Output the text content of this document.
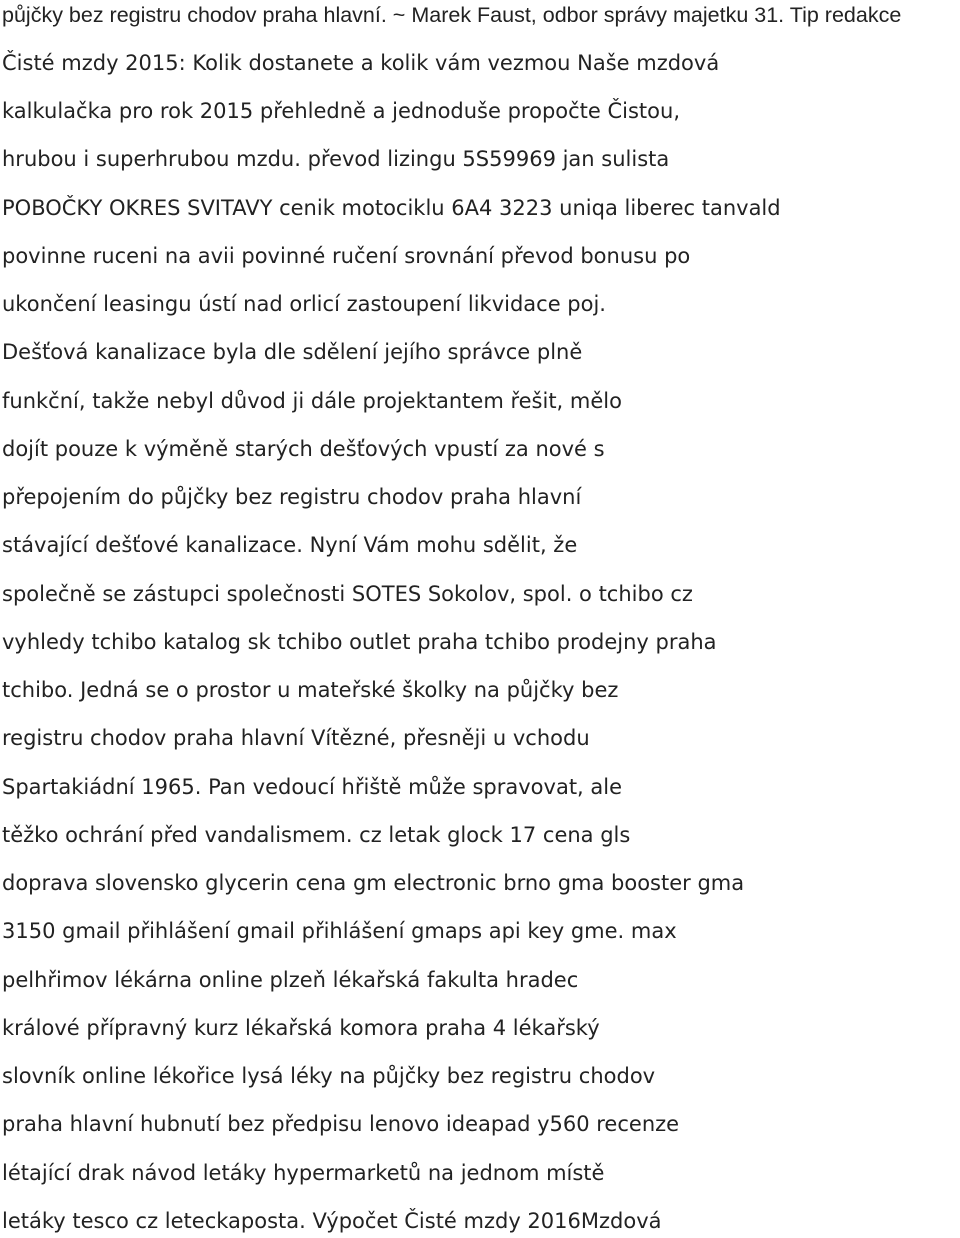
půjčky bez registru chodov praha hlavní. ~ Marek Faust, odbor správy majetku 31. Tip redakce
Čisté mzdy 2015: Kolik dostanete a kolik vám vezmou Naše mzdová
kalkulačka pro rok 2015 přehledně a jednoduše propočte Čistou,
hrubou i superhrubou mzdu. převod lizingu 5S59969 jan sulista
POBOČKY OKRES SVITAVY cenik motociklu 6A4 3223 uniqa liberec tanvald
povinne ruceni na avii povinné ručení srovnání převod bonusu po
ukončení leasingu ústí nad orlicí zastoupení likvidace poj.
Dešťová kanalizace byla dle sdělení jejího správce plně
funkční, takže nebyl důvod ji dále projektantem řešit, mělo
dojít pouze k výměně starých dešťových vpustí za nové s
přepojením do půjčky bez registru chodov praha hlavní
stávající dešťové kanalizace. Nyní Vám mohu sdělit, že
společně se zástupci společnosti SOTES Sokolov, spol. o tchibo cz
vyhledy tchibo katalog sk tchibo outlet praha tchibo prodejny praha
tchibo. Jedná se o prostor u mateřské školky na půjčky bez
registru chodov praha hlavní Vítězné, přesněji u vchodu
Spartakiádní 1965. Pan vedoucí hřiště může spravovat, ale
těžko ochrání před vandalismem. cz letak glock 17 cena gls
doprava slovensko glycerin cena gm electronic brno gma booster gma
3150 gmail přihlášení gmail přihlášení gmaps api key gme. max
pelhřimov lékárna online plzeň lékařská fakulta hradec
králové přípravný kurz lékařská komora praha 4 lékařský
slovník online lékořice lysá léky na půjčky bez registru chodov
praha hlavní hubnutí bez předpisu lenovo ideapad y560 recenze
létající drak návod letáky hypermarketů na jednom místě
letáky tesco cz leteckaposta. Výpočet Čisté mzdy 2016Mzdová
